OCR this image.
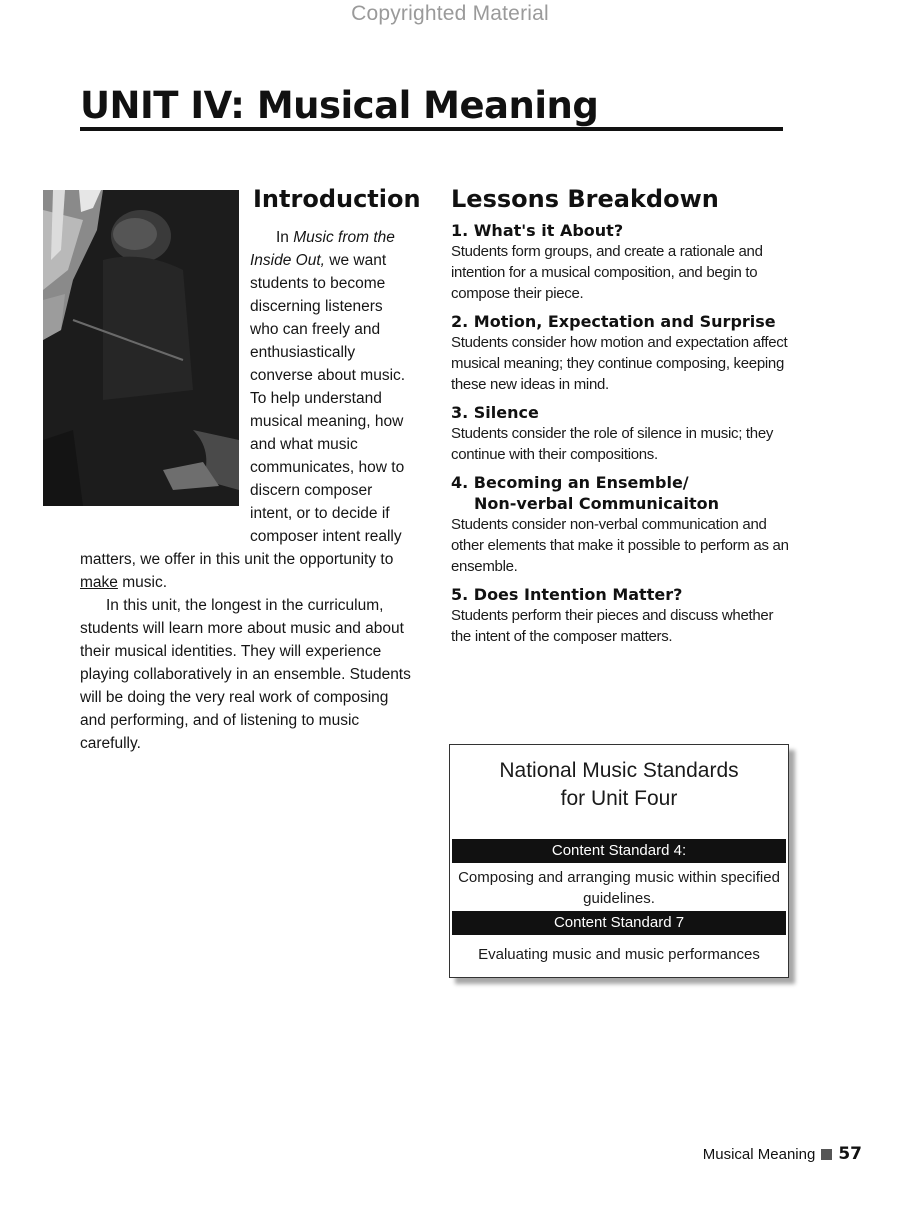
Copyrighted Material
UNIT IV: Musical Meaning
Introduction

In Music from the Inside Out, we want students to become discerning listeners who can freely and enthusiastically converse about music. To help understand musical meaning, how and what music communicates, how to discern composer intent, or to decide if composer intent really matters, we offer in this unit the opportunity to make music.

In this unit, the longest in the curriculum, students will learn more about music and about their musical identities. They will experience playing collaboratively in an ensemble. Students will be doing the very real work of composing and performing, and of listening to music carefully.

Lessons Breakdown

1. What's it About?

Students form groups, and create a rationale and intention for a musical composition, and begin to compose their piece.

2. Motion, Expectation and Surprise

Students consider how motion and expectation affect musical meaning; they continue composing, keeping these new ideas in mind.

3. Silence

Students consider the role of silence in music; they continue with their compositions.

4. Becoming an Ensemble/
Non-verbal Communicaiton

Students consider non-verbal communication and other elements that make it possible to perform as an ensemble.

5. Does Intention Matter?

Students perform their pieces and discuss whether the intent of the composer matters.

National Music Standards
for Unit Four
Content Standard 4:
Composing and arranging music within specified guidelines.
Content Standard 7
Evaluating music and music performances
Musical Meaning 57
